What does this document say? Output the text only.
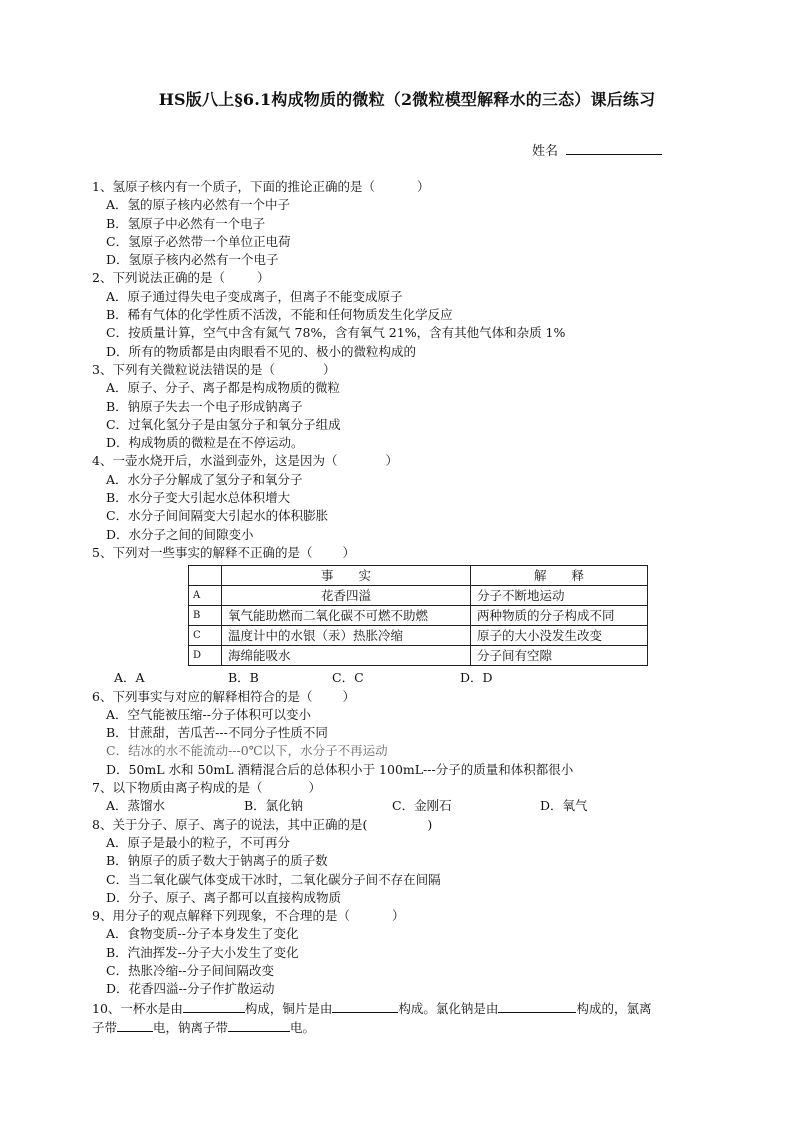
HS版八上§6.1构成物质的微粒（2微粒模型解释水的三态）课后练习
姓名

1、氢原子核内有一个质子，下面的推论正确的是（	）

A．氢的原子核内必然有一个中子

B．氢原子中必然有一个电子

C．氢原子必然带一个单位正电荷

D．氢原子核内必然有一个电子

2、下列说法正确的是（	）

A．原子通过得失电子变成离子，但离子不能变成原子

B．稀有气体的化学性质不活泼，不能和任何物质发生化学反应

C．按质量计算，空气中含有氮气 78%，含有氧气 21%，含有其他气体和杂质 1%

D．所有的物质都是由肉眼看不见的、极小的微粒构成的

3、下列有关微粒说法错误的是（	）

A．原子、分子、离子都是构成物质的微粒

B．钠原子失去一个电子形成钠离子

C．过氧化氢分子是由氢分子和氧分子组成

D．构成物质的微粒是在不停运动。

4、一壶水烧开后，水溢到壶外，这是因为（	）

A．水分子分解成了氢分子和氧分子

B．水分子变大引起水总体积增大

C．水分子间间隔变大引起水的体积膨胀

D．水分子之间的间隙变小

5、下列对一些事实的解释不正确的是（ ）

	事　　实	解　　释
A	花香四溢	分子不断地运动
B	氧气能助燃而二氧化碳不可燃不助燃	两种物质的分子构成不同
C	温度计中的水银（汞）热胀冷缩	原子的大小没发生改变
D	海绵能吸水	分子间有空隙

A．A	B．B	C．C	D．D

6、下列事实与对应的解释相符合的是（ ）

A．空气能被压缩--分子体积可以变小

B．甘蔗甜，苦瓜苦---不同分子性质不同

C．结冰的水不能流动---0℃以下，水分子不再运动

D．50mL 水和 50mL 酒精混合后的总体积小于 100mL---分子的质量和体积都很小

7、以下物质由离子构成的是（	）

A．蒸馏水	B．氯化钠	C．金刚石	D．氧气

8、关于分子、原子、离子的说法，其中正确的是(	)

A．原子是最小的粒子，不可再分

B．钠原子的质子数大于钠离子的质子数

C．当二氧化碳气体变成干冰时，二氧化碳分子间不存在间隔

D．分子、原子、离子都可以直接构成物质

9、用分子的观点解释下列现象，不合理的是（	）

A．食物变质--分子本身发生了变化

B．汽油挥发--分子大小发生了变化

C．热胀冷缩--分子间间隔改变

D．花香四溢--分子作扩散运动

10、一杯水是由	构成，铜片是由	构成。氯化钠是由	构成的，氯离

子带	电，钠离子带	电。
